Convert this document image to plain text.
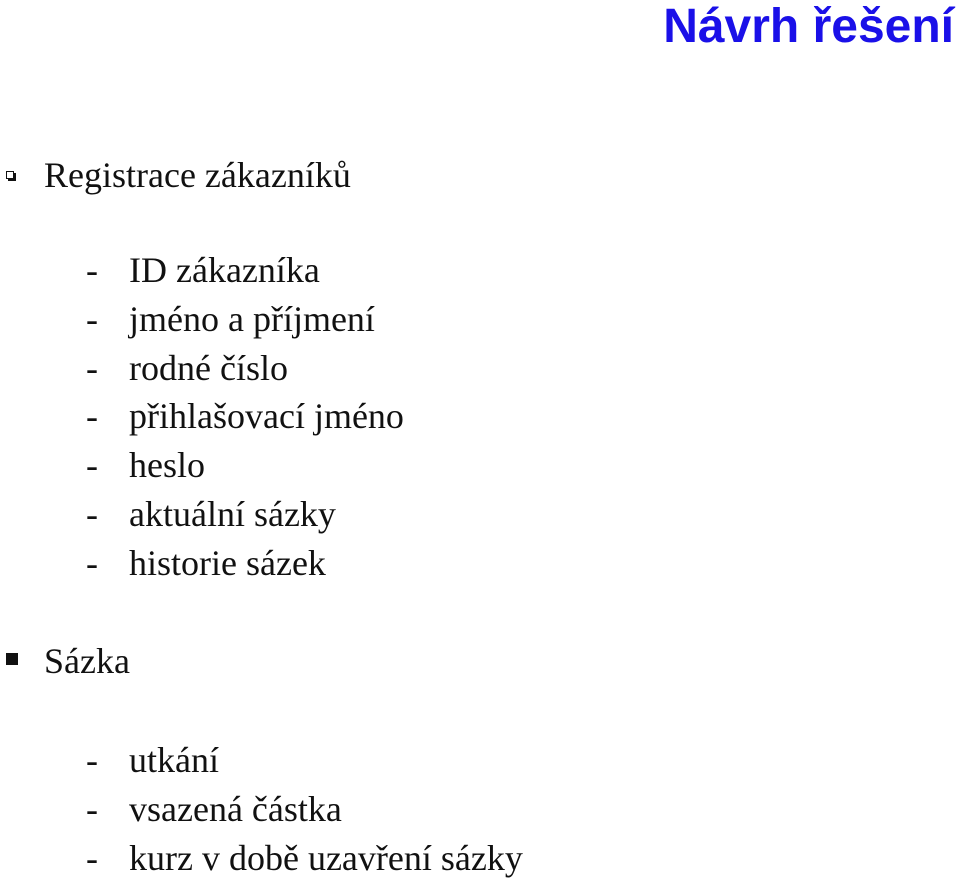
Návrh řešení
Registrace zákazníků
- ID zákazníka
- jméno a příjmení
- rodné číslo
- přihlašovací jméno
- heslo
- aktuální sázky
- historie sázek
Sázka
- utkání
- vsazená částka
- kurz v době uzavření sázky
